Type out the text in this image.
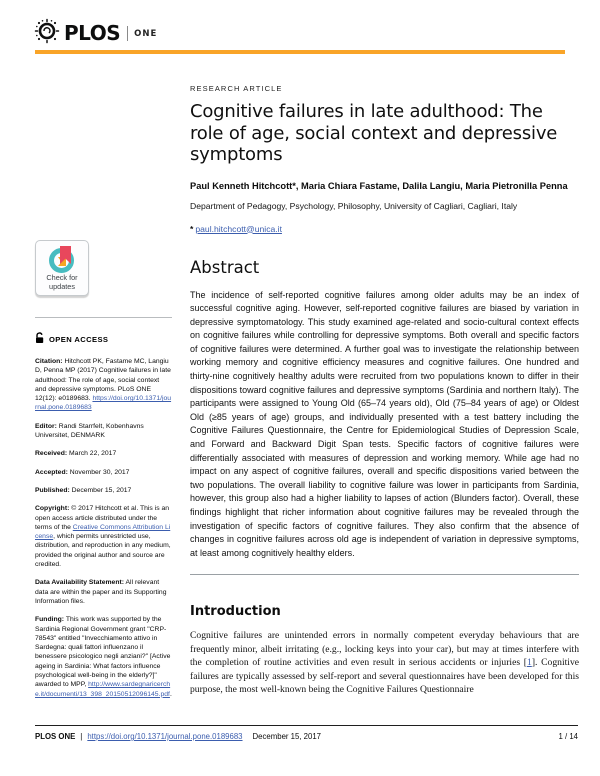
PLOS ONE
Check for
updates
OPEN ACCESS

Citation: Hitchcott PK, Fastame MC, Langiu D, Penna MP (2017) Cognitive failures in late adulthood: The role of age, social context and depressive symptoms. PLoS ONE 12(12): e0189683. https://doi.org/10.1371/journal.pone.0189683

Editor: Randi Starrfelt, Kobenhavns Universitet, DENMARK

Received: March 22, 2017

Accepted: November 30, 2017

Published: December 15, 2017

Copyright: © 2017 Hitchcott et al. This is an open access article distributed under the terms of the Creative Commons Attribution License, which permits unrestricted use, distribution, and reproduction in any medium, provided the original author and source are credited.

Data Availability Statement: All relevant data are within the paper and its Supporting Information files.

Funding: This work was supported by the Sardinia Regional Government grant "CRP-78543" entitled "Invecchiamento attivo in Sardegna: quali fattori influenzano il benessere psicologico negli anziani?" [Active ageing in Sardinia: What factors influence psychological well-being in the elderly?]" awarded to MPP, http://www.sardegnaricerche.it/documenti/13_398_20150512096145.pdf.

RESEARCH ARTICLE
Cognitive failures in late adulthood: The role of age, social context and depressive symptoms

Paul Kenneth Hitchcott*, Maria Chiara Fastame, Dalila Langiu, Maria Pietronilla Penna

Department of Pedagogy, Psychology, Philosophy, University of Cagliari, Cagliari, Italy

* paul.hitchcott@unica.it

Abstract

The incidence of self-reported cognitive failures among older adults may be an index of successful cognitive aging. However, self-reported cognitive failures are biased by variation in depressive symptomatology. This study examined age-related and socio-cultural context effects on cognitive failures while controlling for depressive symptoms. Both overall and specific factors of cognitive failures were determined. A further goal was to investigate the relationship between working memory and cognitive efficiency measures and cognitive failures. One hundred and thirty-nine cognitively healthy adults were recruited from two populations known to differ in their dispositions toward cognitive failures and depressive symptoms (Sardinia and northern Italy). The participants were assigned to Young Old (65–74 years old), Old (75–84 years of age) or Oldest Old (≥85 years of age) groups, and individually presented with a test battery including the Cognitive Failures Questionnaire, the Centre for Epidemiological Studies of Depression Scale, and Forward and Backward Digit Span tests. Specific factors of cognitive failures were differentially associated with measures of depression and working memory. While age had no impact on any aspect of cognitive failures, overall and specific dispositions varied between the two populations. The overall liability to cognitive failure was lower in participants from Sardinia, however, this group also had a higher liability to lapses of action (Blunders factor). Overall, these findings highlight that richer information about cognitive failures may be revealed through the investigation of specific factors of cognitive failures. They also confirm that the absence of changes in cognitive failures across old age is independent of variation in depressive symptoms, at least among cognitively healthy elders.

Introduction

Cognitive failures are unintended errors in normally competent everyday behaviours that are frequently minor, albeit irritating (e.g., locking keys into your car), but may at times interfere with the completion of routine activities and even result in serious accidents or injuries [1]. Cognitive failures are typically assessed by self-report and several questionnaires have been developed for this purpose, the most well-known being the Cognitive Failures Questionnaire

PLOS ONE | https://doi.org/10.1371/journal.pone.0189683 December 15, 2017	1 / 14
